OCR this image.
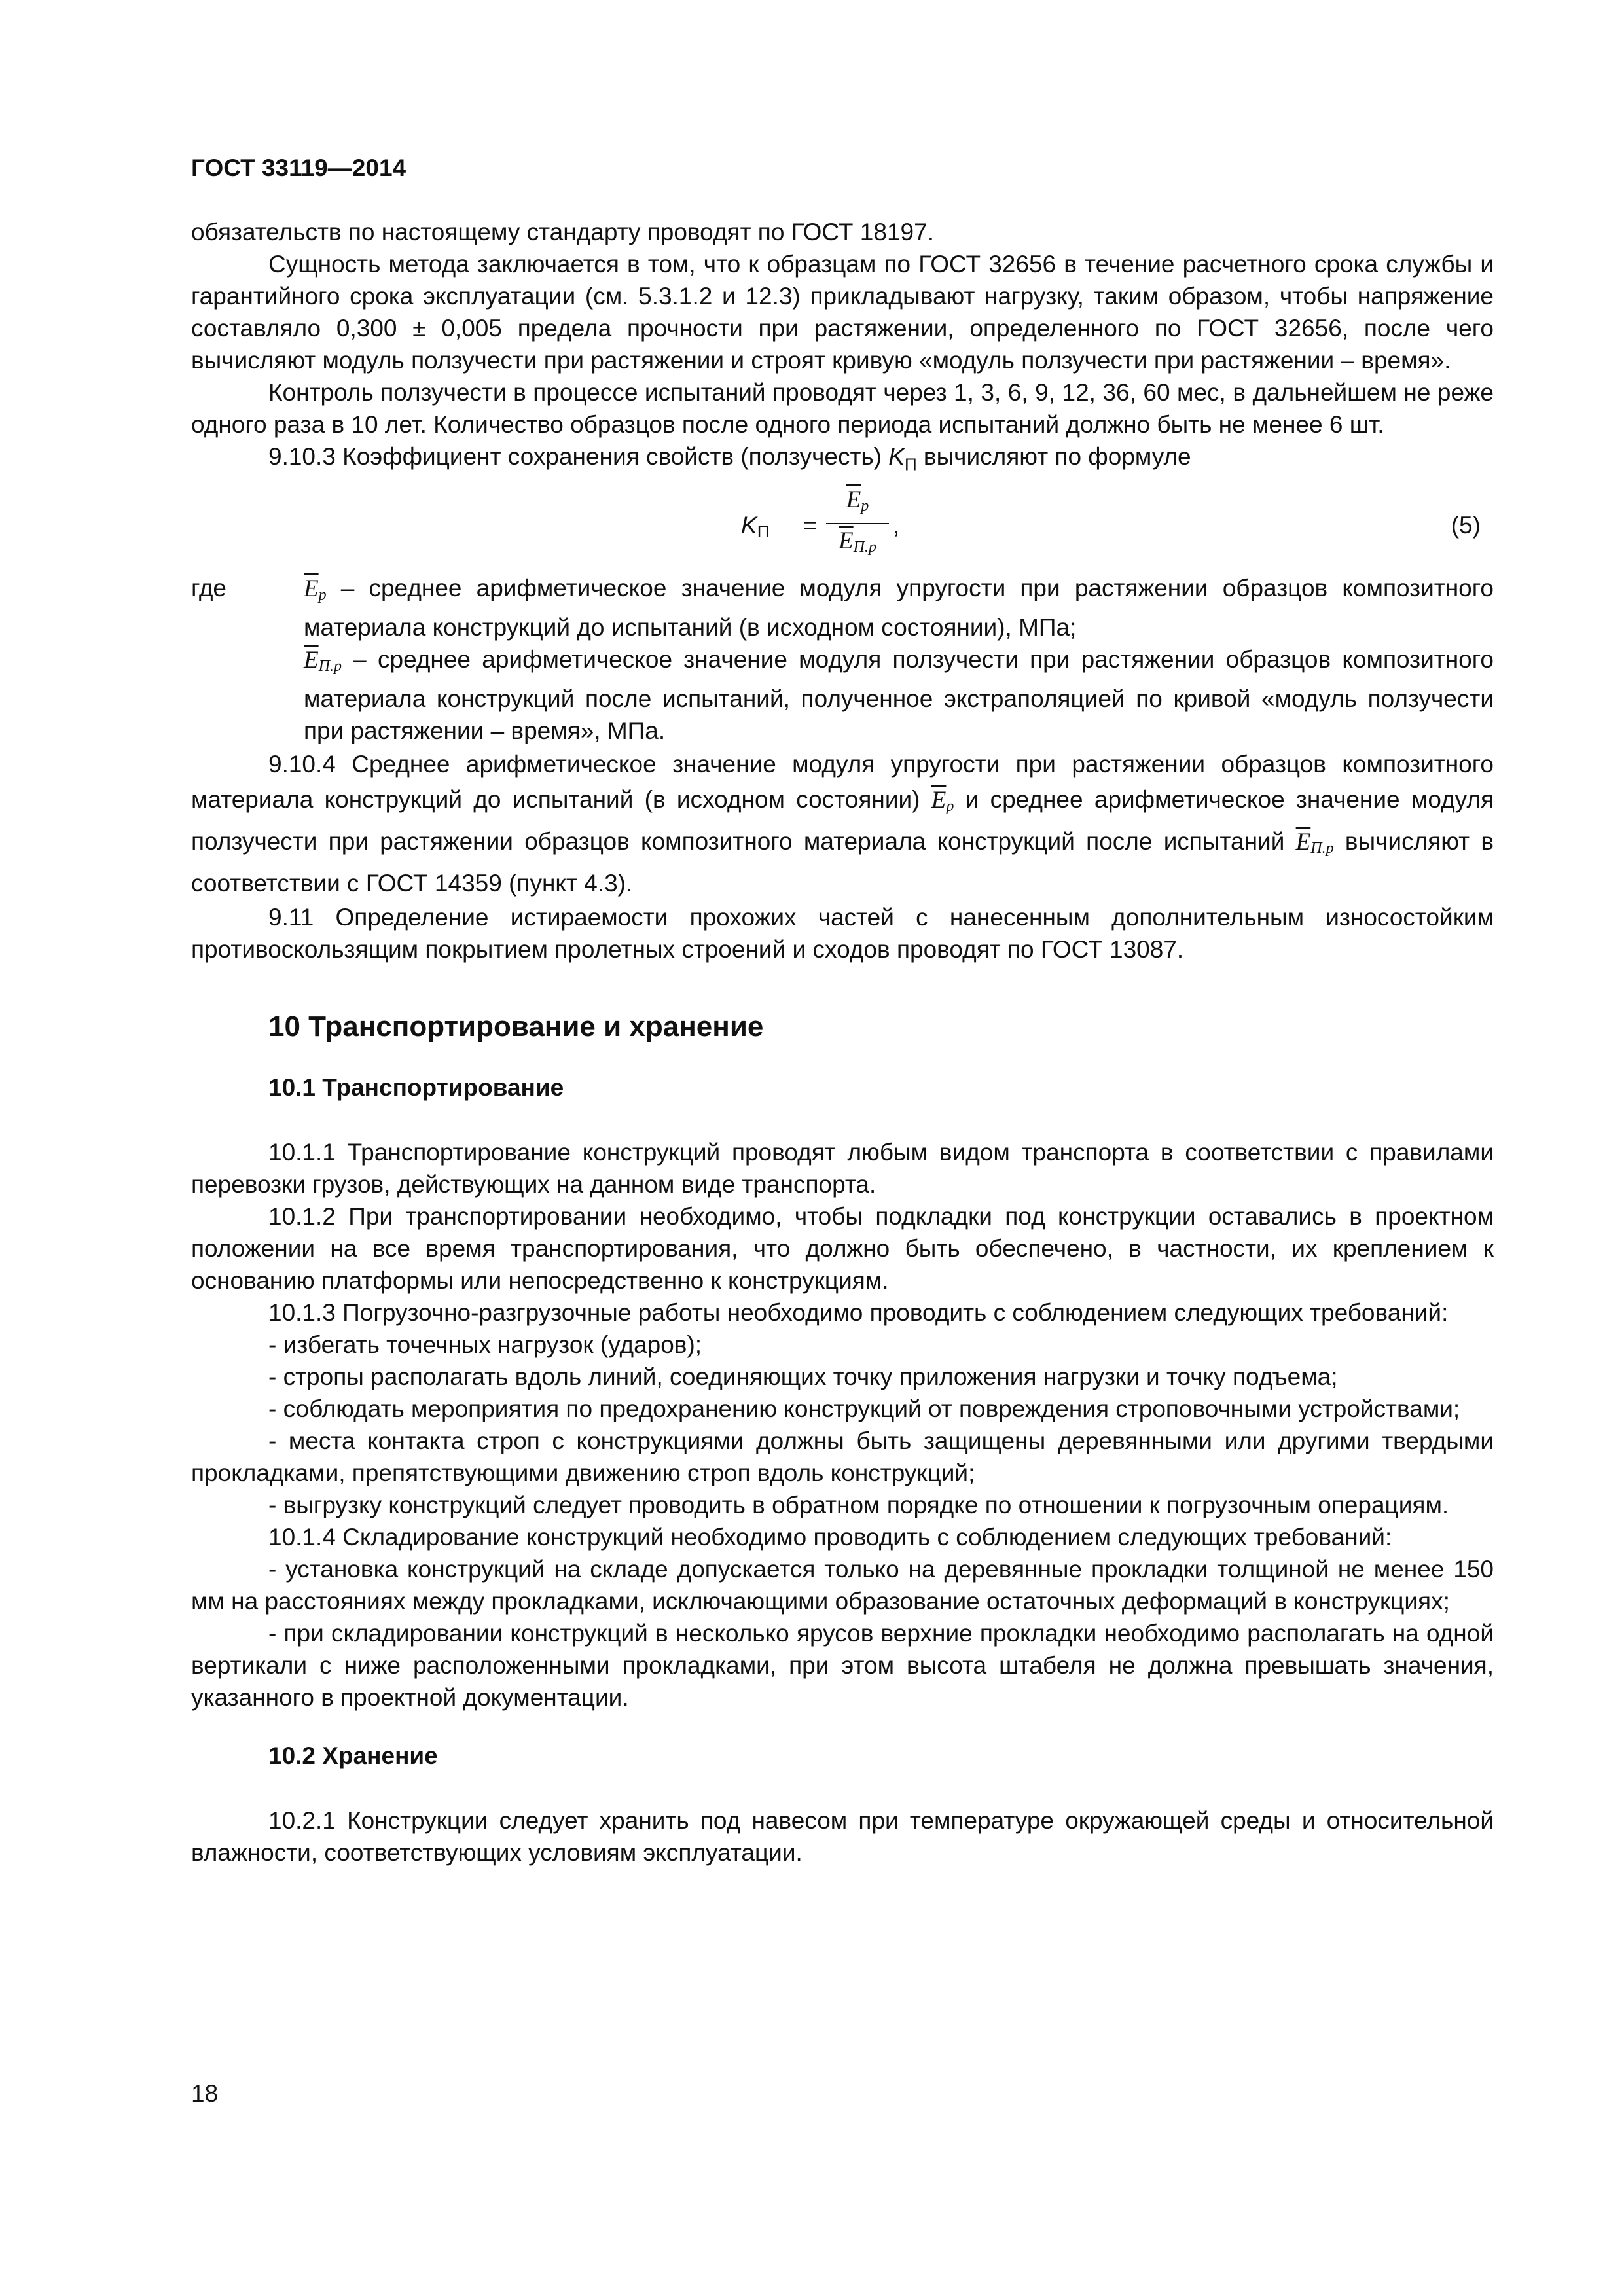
ГОСТ 33119—2014

обязательств по настоящему стандарту проводят по ГОСТ 18197.

Сущность метода заключается в том, что к образцам по ГОСТ 32656 в течение расчетного срока службы и гарантийного срока эксплуатации (см. 5.3.1.2 и 12.3) прикладывают нагрузку, таким образом, чтобы напряжение составляло 0,300 ± 0,005 предела прочности при растяжении, определенного по ГОСТ 32656, после чего вычисляют модуль ползучести при растяжении и строят кривую «модуль ползучести при растяжении – время».

Контроль ползучести в процессе испытаний проводят через 1, 3, 6, 9, 12, 36, 60 мес, в дальнейшем не реже одного раза в 10 лет. Количество образцов после одного периода испытаний должно быть не менее 6 шт.

9.10.3 Коэффициент сохранения свойств (ползучесть) $K_П$ вычисляют по формуле

$K_П$ =
$\overline{E}p$
$\overline{E}П.р$
,	(5)
где	$\overline{E}p$ – среднее арифметическое значение модуля упругости при растяжении образцов композитного материала конструкций до испытаний (в исходном состоянии), МПа;

$\overline{E}П.р$ – среднее арифметическое значение модуля ползучести при растяжении образцов композитного материала конструкций после испытаний, полученное экстраполяцией по кривой «модуль ползучести при растяжении – время», МПа.

9.10.4 Среднее арифметическое значение модуля упругости при растяжении образцов композитного материала конструкций до испытаний (в исходном состоянии) $\overline{E}p$ и среднее арифметическое значение модуля ползучести при растяжении образцов композитного материала конструкций после испытаний $\overline{E}П.р$ вычисляют в соответствии с ГОСТ 14359 (пункт 4.3).

9.11 Определение истираемости прохожих частей с нанесенным дополнительным износостойким противоскользящим покрытием пролетных строений и сходов проводят по ГОСТ 13087.

10 Транспортирование и хранение
10.1 Транспортирование

10.1.1 Транспортирование конструкций проводят любым видом транспорта в соответствии с правилами перевозки грузов, действующих на данном виде транспорта.

10.1.2 При транспортировании необходимо, чтобы подкладки под конструкции оставались в проектном положении на все время транспортирования, что должно быть обеспечено, в частности, их креплением к основанию платформы или непосредственно к конструкциям.

10.1.3 Погрузочно-разгрузочные работы необходимо проводить с соблюдением следующих требований:

- избегать точечных нагрузок (ударов);

- стропы располагать вдоль линий, соединяющих точку приложения нагрузки и точку подъема;

- соблюдать мероприятия по предохранению конструкций от повреждения строповочными устройствами;

- места контакта строп с конструкциями должны быть защищены деревянными или другими твердыми прокладками, препятствующими движению строп вдоль конструкций;

- выгрузку конструкций следует проводить в обратном порядке по отношении к погрузочным операциям.

10.1.4 Складирование конструкций необходимо проводить с соблюдением следующих требований:

- установка конструкций на складе допускается только на деревянные прокладки толщиной не менее 150 мм на расстояниях между прокладками, исключающими образование остаточных деформаций в конструкциях;

- при складировании конструкций в несколько ярусов верхние прокладки необходимо располагать на одной вертикали с ниже расположенными прокладками, при этом высота штабеля не должна превышать значения, указанного в проектной документации.

10.2 Хранение

10.2.1 Конструкции следует хранить под навесом при температуре окружающей среды и относительной влажности, соответствующих условиям эксплуатации.

18
